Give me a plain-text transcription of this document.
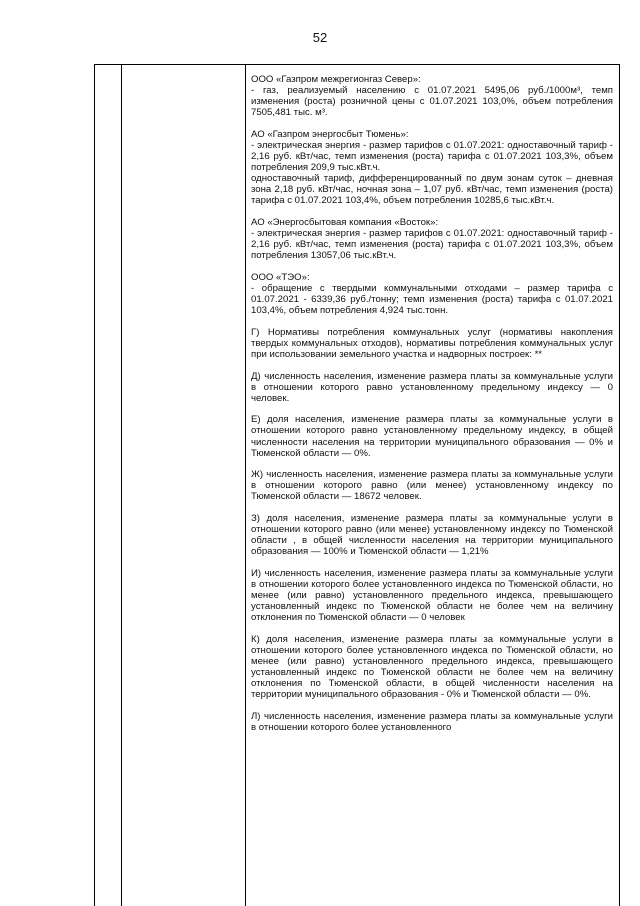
52

ООО «Газпром межрегионгаз Север»:
- газ, реализуемый населению с 01.07.2021 5495,06 руб./1000м³, темп изменения (роста) розничной цены с 01.07.2021 103,0%, объем потребления 7505,481 тыс. м³.

АО «Газпром энергосбыт Тюмень»:
- электрическая энергия - размер тарифов с 01.07.2021: одноставочный тариф - 2,16 руб. кВт/час, темп изменения (роста) тарифа с 01.07.2021 103,3%, объем потребления 209,9 тыс.кВт.ч.
одноставочный тариф, дифференцированный по двум зонам суток – дневная зона 2,18 руб. кВт/час, ночная зона – 1,07 руб. кВт/час, темп изменения (роста) тарифа с 01.07.2021 103,4%, объем потребления 10285,6 тыс.кВт.ч.

АО «Энергосбытовая компания «Восток»:
- электрическая энергия - размер тарифов с 01.07.2021: одноставочный тариф - 2,16 руб. кВт/час, темп изменения (роста) тарифа с 01.07.2021 103,3%, объем потребления 13057,06 тыс.кВт.ч.

ООО «ТЭО»:
- обращение с твердыми коммунальными отходами – размер тарифа с 01.07.2021 - 6339,36 руб./тонну; темп изменения (роста) тарифа с 01.07.2021 103,4%, объем потребления 4,924 тыс.тонн.

Г) Нормативы потребления коммунальных услуг (нормативы накопления твердых коммунальных отходов), нормативы потребления коммунальных услуг при использовании земельного участка и надворных построек: **

Д) численность населения, изменение размера платы за коммунальные услуги в отношении которого равно установленному предельному индексу — 0 человек.

Е) доля населения, изменение размера платы за коммунальные услуги в отношении которого равно установленному предельному индексу, в общей численности населения на территории муниципального образования — 0% и Тюменской области — 0%.

Ж) численность населения, изменение размера платы за коммунальные услуги в отношении которого равно (или менее) установленному индексу по Тюменской области — 18672 человек.

З) доля населения, изменение размера платы за коммунальные услуги в отношении которого равно (или менее) установленному индексу по Тюменской области , в общей численности населения на территории муниципального образования — 100% и Тюменской области — 1,21%

И) численность населения, изменение размера платы за коммунальные услуги в отношении которого более установленного индекса по Тюменской области, но менее (или равно) установленного предельного индекса, превышающего установленный индекс по Тюменской области не более чем на величину отклонения по Тюменской области — 0 человек

К) доля населения, изменение размера платы за коммунальные услуги в отношении которого более установленного индекса по Тюменской области, но менее (или равно) установленного предельного индекса, превышающего установленный индекс по Тюменской области не более чем на величину отклонения по Тюменской области, в общей численности населения на территории муниципального образования - 0% и Тюменской области — 0%.

Л) численность населения, изменение размера платы за коммунальные услуги в отношении которого более установленного
